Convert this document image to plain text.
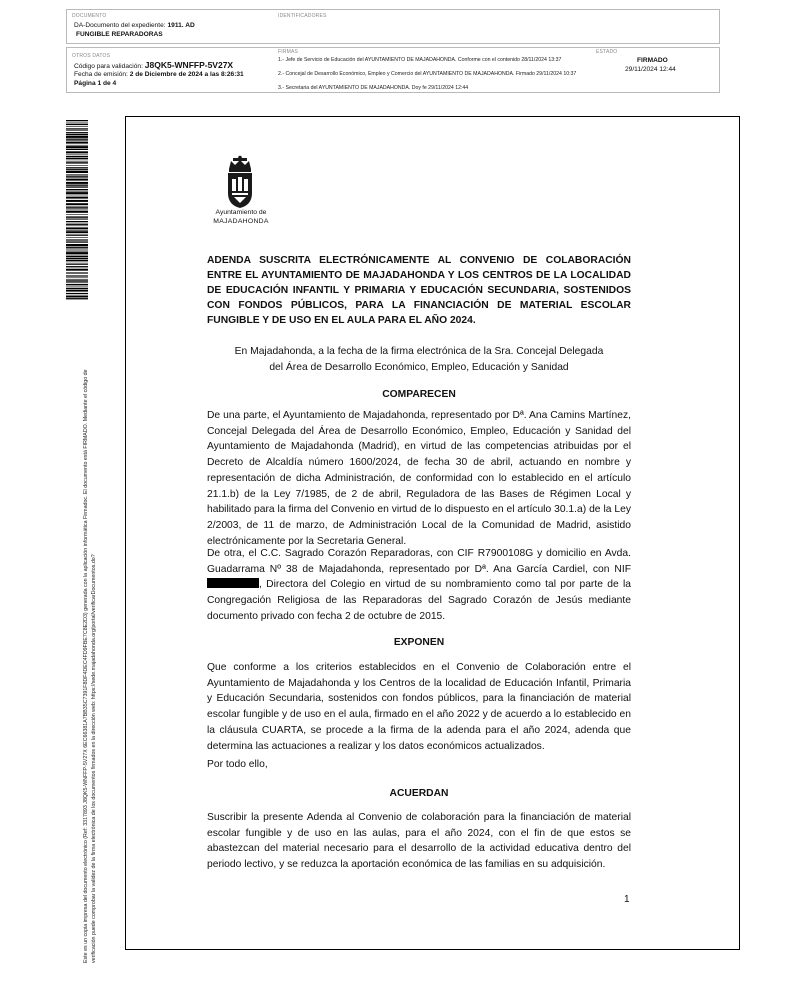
DOCUMENTO
DA-Documento del expediente: 1911. AD
FUNGIBLE REPARADORAS
IDENTIFICADORES
OTROS DATOS
Código para validación: J8QK5-WNFFP-5V27X
Fecha de emisión: 2 de Diciembre de 2024 a las 8:26:31
Página 1 de 4
FIRMAS
1.- Jefe de Servicio de Educación del AYUNTAMIENTO DE MAJADAHONDA. Conforme con el contenido 28/11/2024 13:37
2.- Concejal de Desarrollo Económico, Empleo y Comercio del AYUNTAMIENTO DE MAJADAHONDA. Firmado 29/11/2024 10:37
3.- Secretaria del AYUNTAMIENTO DE MAJADAHONDA. Doy fe 29/11/2024 12:44
ESTADO
FIRMADO
29/11/2024 12:44
Este es un copia impresa del documento electrónico (Ref: 3317893 J8QK5-WNFFP-5V27X 6EC66381A7BB35C7391F8DF4DEC4FD9FBE7C8E2D3) generada con la aplicación informática Firmadoc. El documento está FIRMADO. Mediante el código de verificación puede comprobar la validez de la firma electrónica de los documentos firmados en la dirección web: https://sede.majadahonda.org/portal/verificarDocumentos.do?
Ayuntamiento de
MAJADAHONDA
ADENDA SUSCRITA ELECTRÓNICAMENTE AL CONVENIO DE COLABORACIÓN ENTRE EL AYUNTAMIENTO DE MAJADAHONDA Y LOS CENTROS DE LA LOCALIDAD DE EDUCACIÓN INFANTIL Y PRIMARIA Y EDUCACIÓN SECUNDARIA, SOSTENIDOS CON FONDOS PÚBLICOS, PARA LA FINANCIACIÓN DE MATERIAL ESCOLAR FUNGIBLE Y DE USO EN EL AULA PARA EL AÑO 2024.
En Majadahonda, a la fecha de la firma electrónica de la Sra. Concejal Delegada
del Área de Desarrollo Económico, Empleo, Educación y Sanidad
COMPARECEN
De una parte, el Ayuntamiento de Majadahonda, representado por Dª. Ana Camins Martínez, Concejal Delegada del Área de Desarrollo Económico, Empleo, Educación y Sanidad del Ayuntamiento de Majadahonda (Madrid), en virtud de las competencias atribuidas por el Decreto de Alcaldía número 1600/2024, de fecha 30 de abril, actuando en nombre y representación de dicha Administración, de conformidad con lo establecido en el artículo 21.1.b) de la Ley 7/1985, de 2 de abril, Reguladora de las Bases de Régimen Local y habilitado para la firma del Convenio en virtud de lo dispuesto en el artículo 30.1.a) de la Ley 2/2003, de 11 de marzo, de Administración Local de la Comunidad de Madrid, asistido electrónicamente por la Secretaria General.
De otra, el C.C. Sagrado Corazón Reparadoras, con CIF R7900108G y domicilio en Avda. Guadarrama Nº 38 de Majadahonda, representado por Dª. Ana García Cardiel, con NIF , Directora del Colegio en virtud de su nombramiento como tal por parte de la Congregación Religiosa de las Reparadoras del Sagrado Corazón de Jesús mediante documento privado con fecha 2 de octubre de 2015.
EXPONEN
Que conforme a los criterios establecidos en el Convenio de Colaboración entre el Ayuntamiento de Majadahonda y los Centros de la localidad de Educación Infantil, Primaria y Educación Secundaria, sostenidos con fondos públicos, para la financiación de material escolar fungible y de uso en el aula, firmado en el año 2022 y de acuerdo a lo establecido en la cláusula CUARTA, se procede a la firma de la adenda para el año 2024, adenda que determina las actuaciones a realizar y los datos económicos actualizados.
Por todo ello,
ACUERDAN
Suscribir la presente Adenda al Convenio de colaboración para la financiación de material escolar fungible y de uso en las aulas, para el año 2024, con el fin de que estos se abastezcan del material necesario para el desarrollo de la actividad educativa dentro del periodo lectivo, y se reduzca la aportación económica de las familias en su adquisición.
1
